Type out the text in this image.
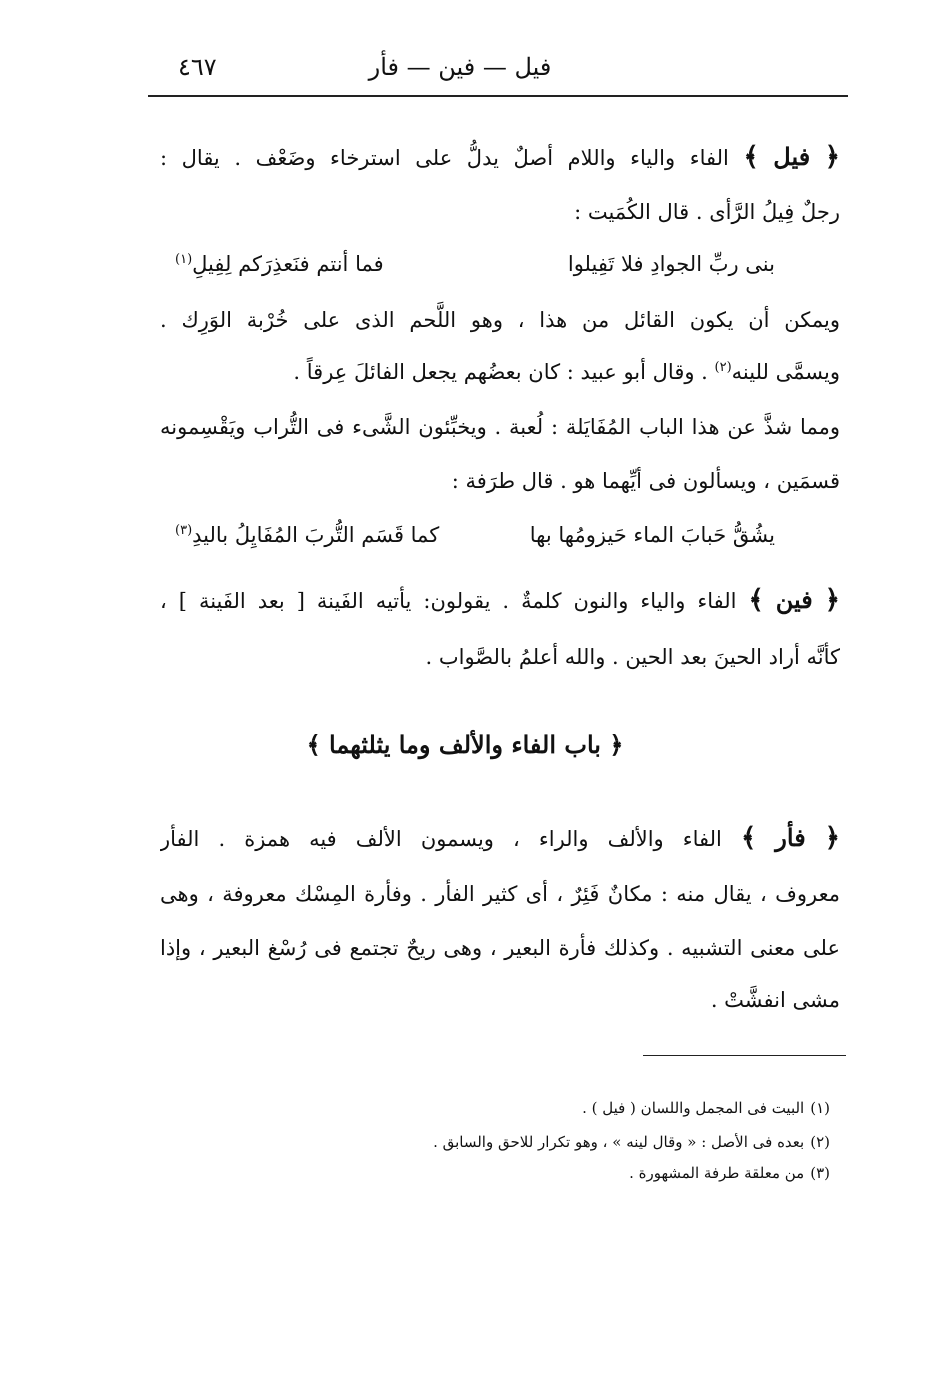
فيل — فين — فأر
٤٦٧
﴿ فيل ﴾ الفاء والياء واللام أصلٌ يدلُّ على استرخاء وضَعْف . يقال :
رجلٌ فِيلُ الرَّأى . قال الكُمَيت :
بنى ربِّ الجوادِ فلا تَفِيلوا
فما أنتم فنَعذِرَكم لِفِيلِ$^{(١)}$
ويمكن أن يكون القائل من هذا ، وهو اللَّحم الذى على خُرْبة الوَرِك .
ويسمَّى للينه$^{(٢)}$ . وقال أبو عبيد : كان بعضُهم يجعل الفائلَ عِرقاً .
ومما شذَّ عن هذا الباب المُفَايَلة : لُعبة . ويخبِّئون الشَّىء فى التُّراب ويَقْسِمونه
قسمَين ، ويسألون فى أيِّهما هو . قال طرَفة :
يشُقُّ حَبابَ الماء حَيزومُها بها
كما قَسَم التُّربَ المُفَايِلُ باليدِ$^{(٣)}$
﴿ فين ﴾ الفاء والياء والنون كلمةٌ . يقولون: يأتيه الفَينة [ بعد الفَينة ] ،
كأنَّه أراد الحينَ بعد الحين . والله أعلمُ بالصَّواب .
﴿ باب الفاء والألف وما يثلثهما ﴾
﴿ فأر ﴾ الفاء والألف والراء ، ويسمون الألف فيه همزة . الفأر
معروف ، يقال منه : مكانٌ فَئِرٌ ، أى كثير الفأر . وفأرة المِسْك معروفة ، وهى
على معنى التشبيه . وكذلك فأرة البعير ، وهى ريحٌ تجتمع فى رُسْغ البعير ، وإذا
مشى انفشَّتْ .
(١)البيت فى المجمل واللسان ( فيل ) .
(٢)بعده فى الأصل : « وقال لينه » ، وهو تكرار للاحق والسابق .
(٣)من معلقة طرفة المشهورة .
